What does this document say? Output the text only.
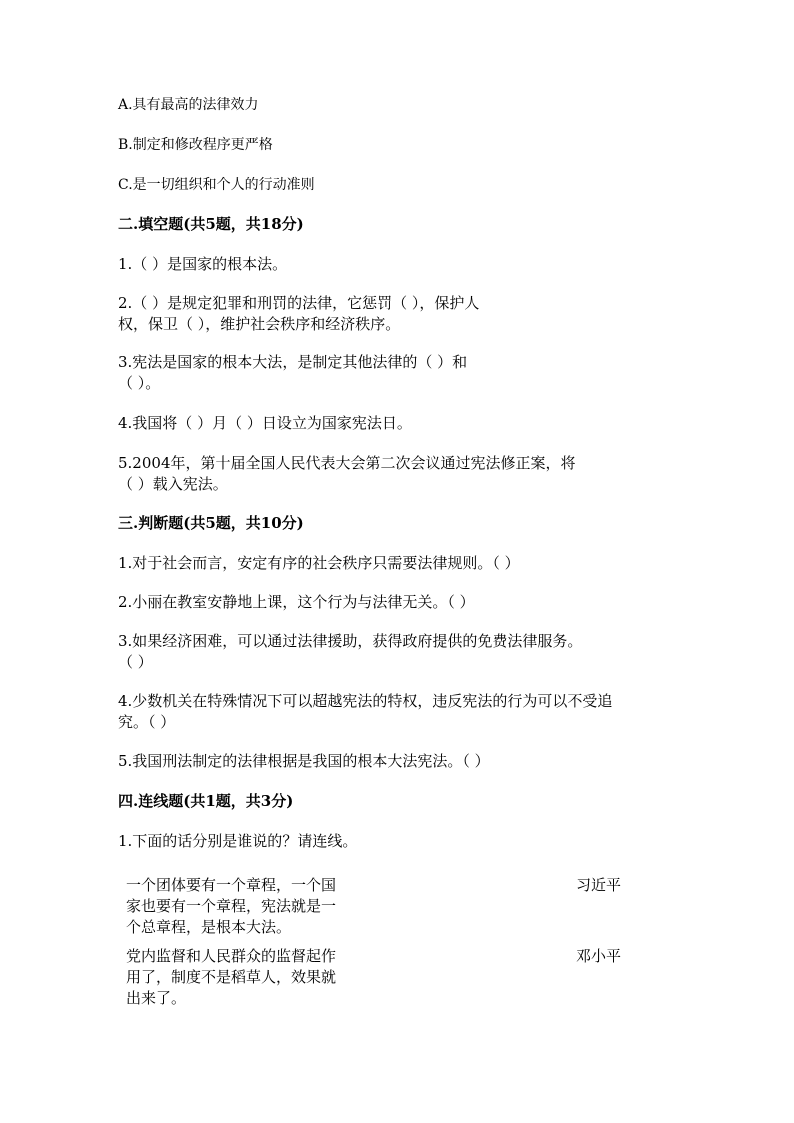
A.具有最高的法律效力
B.制定和修改程序更严格
C.是一切组织和个人的行动准则
二.填空题(共5题，共18分)
1.（ ）是国家的根本法。
2.（ ）是规定犯罪和刑罚的法律，它惩罚（ ），保护人
权，保卫（ ），维护社会秩序和经济秩序。
3.宪法是国家的根本大法，是制定其他法律的（ ）和
（ ）。
4.我国将（ ）月（ ）日设立为国家宪法日。
5.2004年，第十届全国人民代表大会第二次会议通过宪法修正案，将
（ ）载入宪法。
三.判断题(共5题，共10分)
1.对于社会而言，安定有序的社会秩序只需要法律规则。（ ）
2.小丽在教室安静地上课，这个行为与法律无关。（ ）
3.如果经济困难，可以通过法律援助，获得政府提供的免费法律服务。
（ ）
4.少数机关在特殊情况下可以超越宪法的特权，违反宪法的行为可以不受追
究。（ ）
5.我国刑法制定的法律根据是我国的根本大法宪法。（ ）
四.连线题(共1题，共3分)
1.下面的话分别是谁说的？请连线。
一个团体要有一个章程，一个国家也要有一个章程，宪法就是一个总章程，是根本大法。
党内监督和人民群众的监督起作用了，制度不是稻草人，效果就出来了。
习近平
邓小平
